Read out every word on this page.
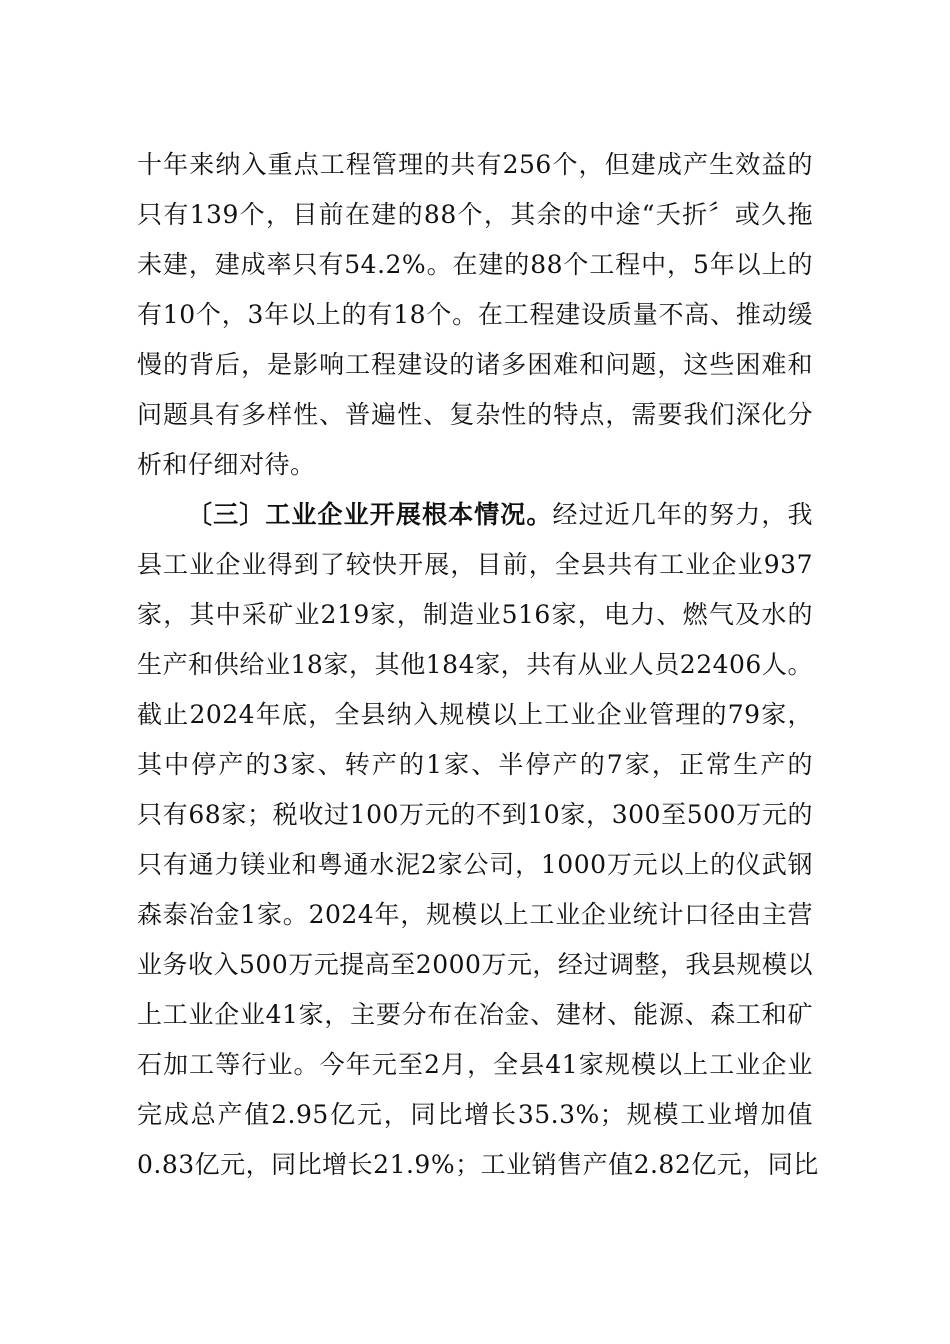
十年来纳入重点工程管理的共有256个，但建成产生效益的
只有139个，目前在建的88个，其余的中途“夭折〞或久拖
未建，建成率只有54.2%。在建的88个工程中，5年以上的
有10个，3年以上的有18个。在工程建设质量不高、推动缓
慢的背后，是影响工程建设的诸多困难和问题，这些困难和
问题具有多样性、普遍性、复杂性的特点，需要我们深化分
析和仔细对待。
〔三〕工业企业开展根本情况。经过近几年的努力，我
县工业企业得到了较快开展，目前，全县共有工业企业937
家，其中采矿业219家，制造业516家，电力、燃气及水的
生产和供给业18家，其他184家，共有从业人员22406人。
截止2024年底，全县纳入规模以上工业企业管理的79家，
其中停产的3家、转产的1家、半停产的7家，正常生产的
只有68家；税收过100万元的不到10家，300至500万元的
只有通力镁业和粤通水泥2家公司，1000万元以上的仪武钢
森泰冶金1家。2024年，规模以上工业企业统计口径由主营
业务收入500万元提高至2000万元，经过调整，我县规模以
上工业企业41家，主要分布在冶金、建材、能源、森工和矿
石加工等行业。今年元至2月，全县41家规模以上工业企业
完成总产值2.95亿元，同比增长35.3%；规模工业增加值
0.83亿元，同比增长21.9%；工业销售产值2.82亿元，同比
